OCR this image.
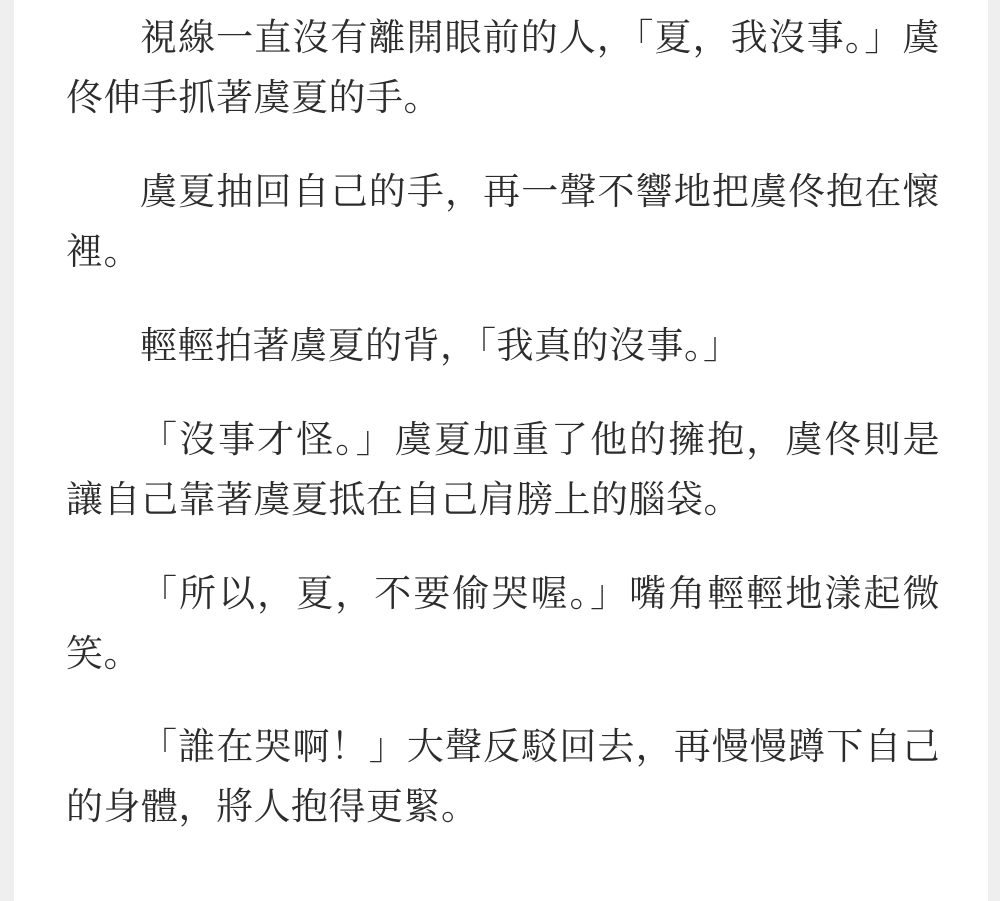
視線一直沒有離開眼前的人，「夏，我沒事。」虞佟伸手抓著虞夏的手。

虞夏抽回自己的手，再一聲不響地把虞佟抱在懷裡。

輕輕拍著虞夏的背，「我真的沒事。」

「沒事才怪。」虞夏加重了他的擁抱，虞佟則是讓自己靠著虞夏抵在自己肩膀上的腦袋。

「所以，夏，不要偷哭喔。」嘴角輕輕地漾起微笑。

「誰在哭啊！」大聲反駁回去，再慢慢蹲下自己的身體，將人抱得更緊。
